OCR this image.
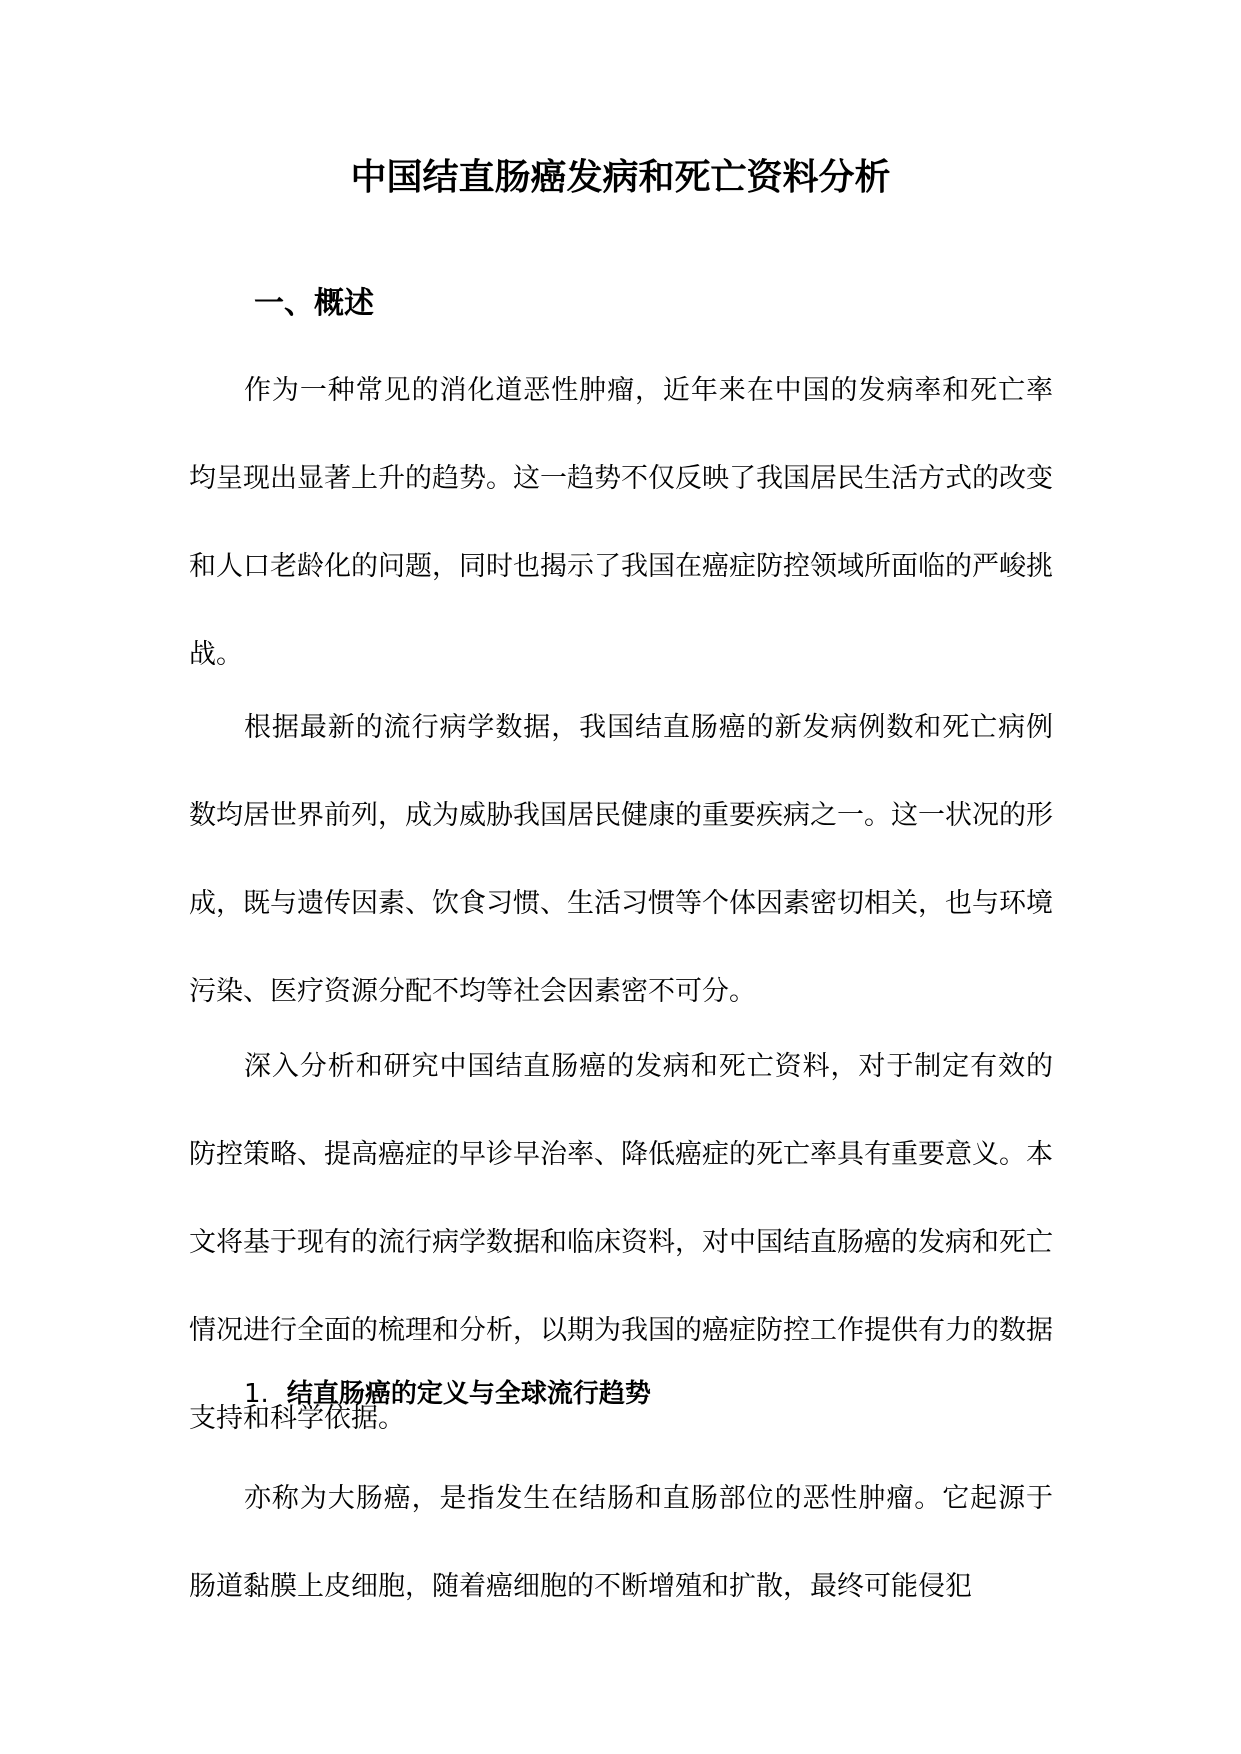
中国结直肠癌发病和死亡资料分析
一、概述

作为一种常见的消化道恶性肿瘤，近年来在中国的发病率和死亡率均呈现出显著上升的趋势。这一趋势不仅反映了我国居民生活方式的改变和人口老龄化的问题，同时也揭示了我国在癌症防控领域所面临的严峻挑战。

根据最新的流行病学数据，我国结直肠癌的新发病例数和死亡病例数均居世界前列，成为威胁我国居民健康的重要疾病之一。这一状况的形成，既与遗传因素、饮食习惯、生活习惯等个体因素密切相关，也与环境污染、医疗资源分配不均等社会因素密不可分。

深入分析和研究中国结直肠癌的发病和死亡资料，对于制定有效的防控策略、提高癌症的早诊早治率、降低癌症的死亡率具有重要意义。本文将基于现有的流行病学数据和临床资料，对中国结直肠癌的发病和死亡情况进行全面的梳理和分析，以期为我国的癌症防控工作提供有力的数据支持和科学依据。

1. 结直肠癌的定义与全球流行趋势

亦称为大肠癌，是指发生在结肠和直肠部位的恶性肿瘤。它起源于肠道黏膜上皮细胞，随着癌细胞的不断增殖和扩散，最终可能侵犯
